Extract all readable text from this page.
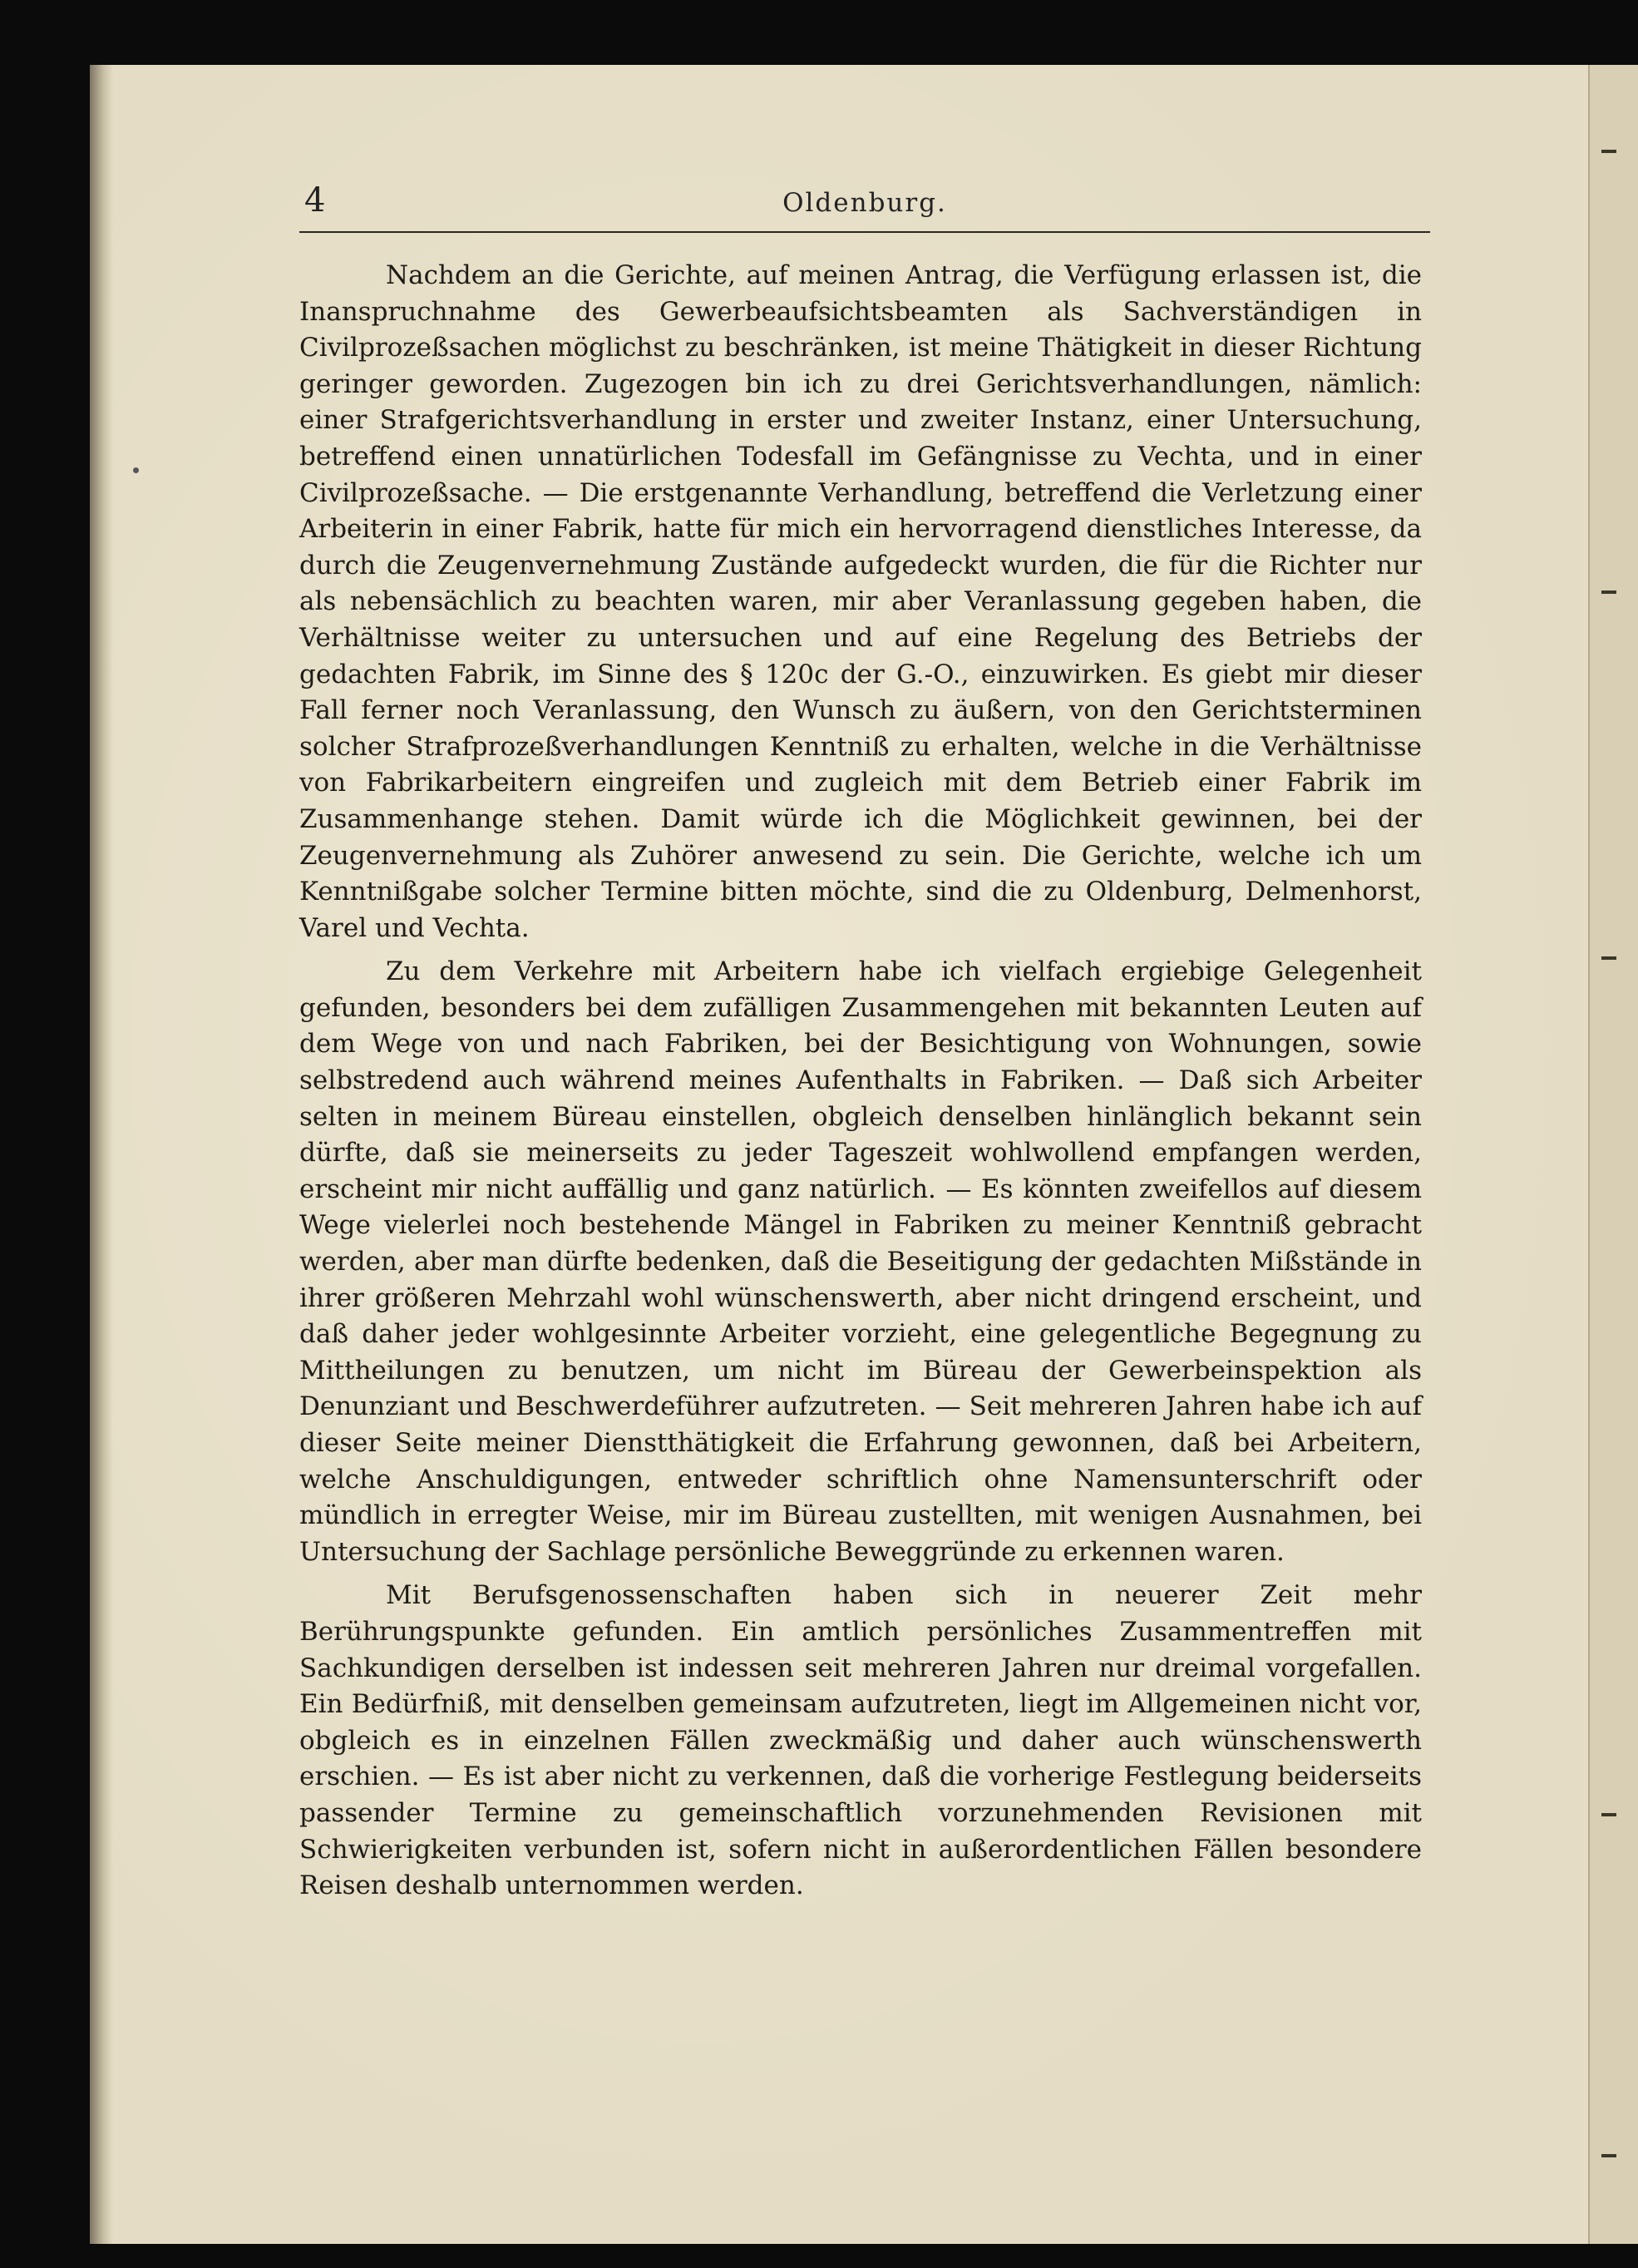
4	Oldenburg.

Nachdem an die Gerichte, auf meinen Antrag, die Verfügung erlassen ist, die Inanspruchnahme des Gewerbeaufsichtsbeamten als Sachverständigen in Civilprozeßsachen möglichst zu beschränken, ist meine Thätigkeit in dieser Richtung geringer geworden. Zugezogen bin ich zu drei Gerichtsverhandlungen, nämlich: einer Strafgerichtsverhandlung in erster und zweiter Instanz, einer Untersuchung, betreffend einen unnatürlichen Todesfall im Gefängnisse zu Vechta, und in einer Civilprozeßsache. — Die erstgenannte Verhandlung, betreffend die Verletzung einer Arbeiterin in einer Fabrik, hatte für mich ein hervorragend dienstliches Interesse, da durch die Zeugenvernehmung Zustände aufgedeckt wurden, die für die Richter nur als nebensächlich zu beachten waren, mir aber Veranlassung gegeben haben, die Verhältnisse weiter zu untersuchen und auf eine Regelung des Betriebs der gedachten Fabrik, im Sinne des § 120c der G.-O., einzuwirken. Es giebt mir dieser Fall ferner noch Veranlassung, den Wunsch zu äußern, von den Gerichtsterminen solcher Strafprozeßverhandlungen Kenntniß zu erhalten, welche in die Verhältnisse von Fabrikarbeitern eingreifen und zugleich mit dem Betrieb einer Fabrik im Zusammenhange stehen. Damit würde ich die Möglichkeit gewinnen, bei der Zeugenvernehmung als Zuhörer anwesend zu sein. Die Gerichte, welche ich um Kenntnißgabe solcher Termine bitten möchte, sind die zu Oldenburg, Delmenhorst, Varel und Vechta.

Zu dem Verkehre mit Arbeitern habe ich vielfach ergiebige Gelegenheit gefunden, besonders bei dem zufälligen Zusammengehen mit bekannten Leuten auf dem Wege von und nach Fabriken, bei der Besichtigung von Wohnungen, sowie selbstredend auch während meines Aufenthalts in Fabriken. — Daß sich Arbeiter selten in meinem Büreau einstellen, obgleich denselben hinlänglich bekannt sein dürfte, daß sie meinerseits zu jeder Tageszeit wohlwollend empfangen werden, erscheint mir nicht auffällig und ganz natürlich. — Es könnten zweifellos auf diesem Wege vielerlei noch bestehende Mängel in Fabriken zu meiner Kenntniß gebracht werden, aber man dürfte bedenken, daß die Beseitigung der gedachten Mißstände in ihrer größeren Mehrzahl wohl wünschenswerth, aber nicht dringend erscheint, und daß daher jeder wohlgesinnte Arbeiter vorzieht, eine gelegentliche Begegnung zu Mittheilungen zu benutzen, um nicht im Büreau der Gewerbeinspektion als Denunziant und Beschwerdeführer aufzutreten. — Seit mehreren Jahren habe ich auf dieser Seite meiner Dienstthätigkeit die Erfahrung gewonnen, daß bei Arbeitern, welche Anschuldigungen, entweder schriftlich ohne Namensunterschrift oder mündlich in erregter Weise, mir im Büreau zustellten, mit wenigen Ausnahmen, bei Untersuchung der Sachlage persönliche Beweggründe zu erkennen waren.

Mit Berufsgenossenschaften haben sich in neuerer Zeit mehr Berührungspunkte gefunden. Ein amtlich persönliches Zusammentreffen mit Sachkundigen derselben ist indessen seit mehreren Jahren nur dreimal vorgefallen. Ein Bedürfniß, mit denselben gemeinsam aufzutreten, liegt im Allgemeinen nicht vor, obgleich es in einzelnen Fällen zweckmäßig und daher auch wünschenswerth erschien. — Es ist aber nicht zu verkennen, daß die vorherige Festlegung beiderseits passender Termine zu gemeinschaftlich vorzunehmenden Revisionen mit Schwierigkeiten verbunden ist, sofern nicht in außerordentlichen Fällen besondere Reisen deshalb unternommen werden.
